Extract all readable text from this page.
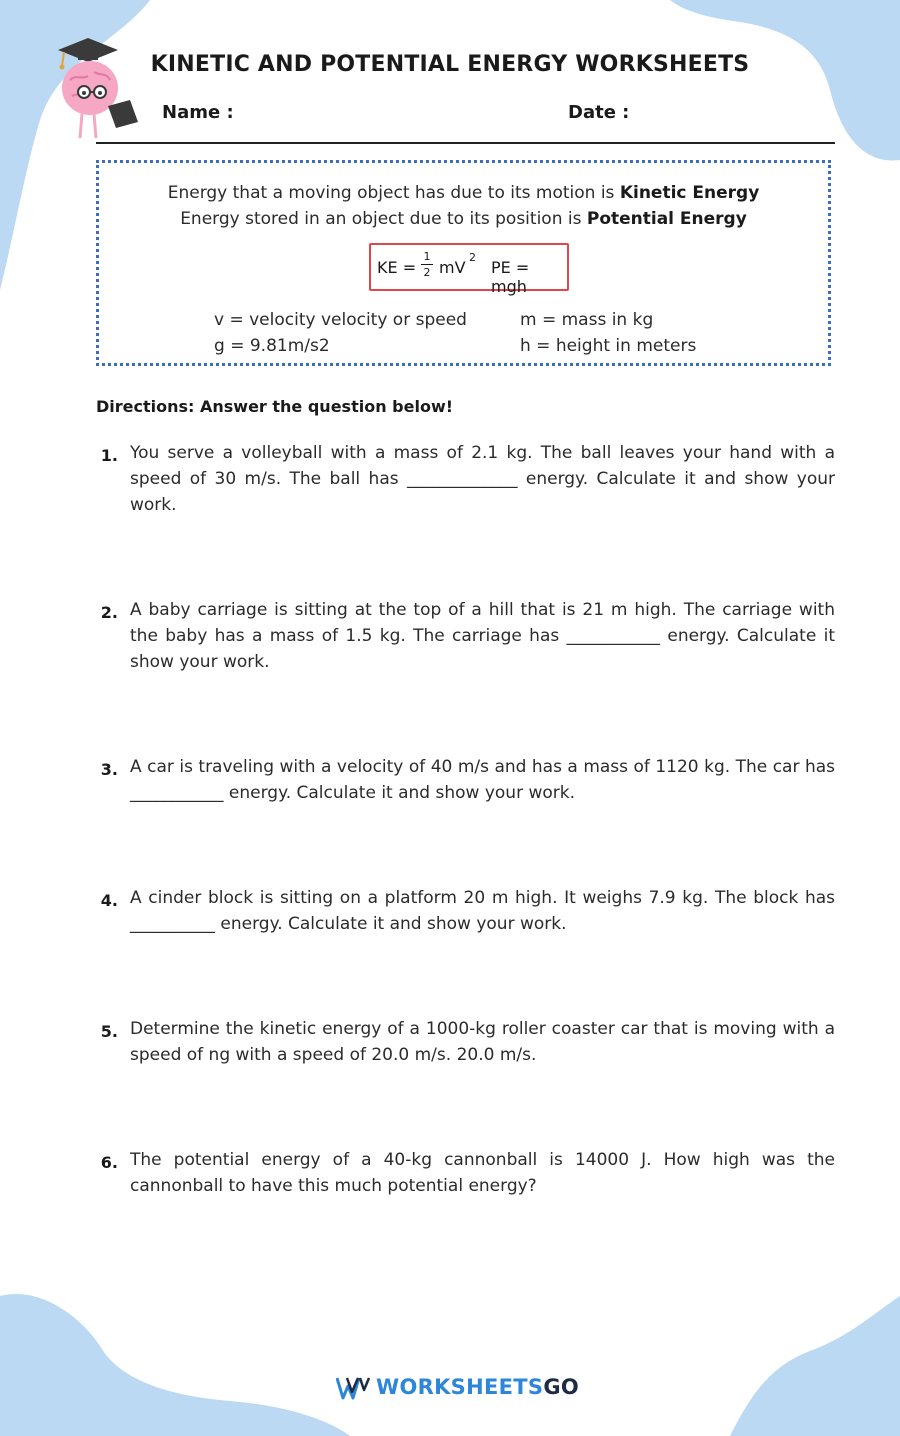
KINETIC AND POTENTIAL ENERGY WORKSHEETS
Name :	Date :
Energy that a moving object has due to its motion is Kinetic Energy
Energy stored in an object due to its position is Potential Energy
KE =
1
2 mV
2
PE = mgh
v = velocity velocity or speed	m = mass in kg
g = 9.81m/s2	h = height in meters
Directions: Answer the question below!
1. You serve a volleyball with a mass of 2.1 kg. The ball leaves your hand with a speed of 30 m/s. The ball has _____________ energy. Calculate it and show your work.
2. A baby carriage is sitting at the top of a hill that is 21 m high. The carriage with the baby has a mass of 1.5 kg. The carriage has ___________ energy. Calculate it show your work.
3. A car is traveling with a velocity of 40 m/s and has a mass of 1120 kg. The car has ___________ energy. Calculate it and show your work.
4. A cinder block is sitting on a platform 20 m high. It weighs 7.9 kg. The block has __________ energy. Calculate it and show your work.
5. Determine the kinetic energy of a 1000-kg roller coaster car that is moving with a speed of ng with a speed of 20.0 m/s. 20.0 m/s.
6. The potential energy of a 40-kg cannonball is 14000 J. How high was the cannonball to have this much potential energy?
WORKSHEETSGO
